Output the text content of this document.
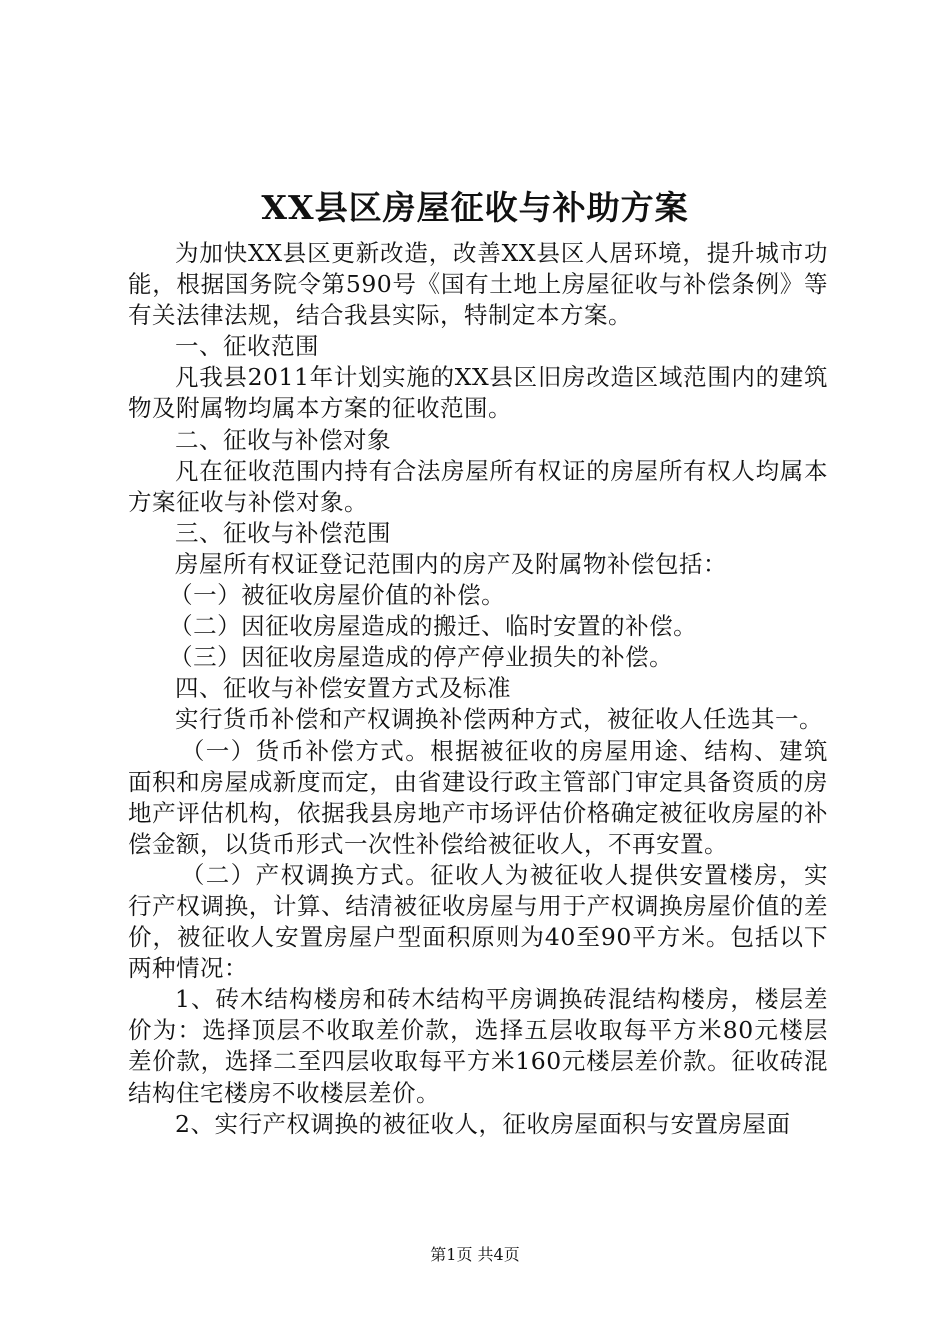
XX县区房屋征收与补助方案

为加快XX县区更新改造，改善XX县区人居环境，提升城市功能，根据国务院令第590号《国有土地上房屋征收与补偿条例》等有关法律法规，结合我县实际，特制定本方案。

一、征收范围

凡我县2011年计划实施的XX县区旧房改造区域范围内的建筑物及附属物均属本方案的征收范围。

二、征收与补偿对象

凡在征收范围内持有合法房屋所有权证的房屋所有权人均属本方案征收与补偿对象。

三、征收与补偿范围

房屋所有权证登记范围内的房产及附属物补偿包括：

（一）被征收房屋价值的补偿。

（二）因征收房屋造成的搬迁、临时安置的补偿。

（三）因征收房屋造成的停产停业损失的补偿。

四、征收与补偿安置方式及标准

实行货币补偿和产权调换补偿两种方式，被征收人任选其一。

（一）货币补偿方式。根据被征收的房屋用途、结构、建筑面积和房屋成新度而定，由省建设行政主管部门审定具备资质的房地产评估机构，依据我县房地产市场评估价格确定被征收房屋的补偿金额，以货币形式一次性补偿给被征收人，不再安置。

（二）产权调换方式。征收人为被征收人提供安置楼房，实行产权调换，计算、结清被征收房屋与用于产权调换房屋价值的差价，被征收人安置房屋户型面积原则为40至90平方米。包括以下两种情况：

1、砖木结构楼房和砖木结构平房调换砖混结构楼房，楼层差价为：选择顶层不收取差价款，选择五层收取每平方米80元楼层差价款，选择二至四层收取每平方米160元楼层差价款。征收砖混结构住宅楼房不收楼层差价。

2、实行产权调换的被征收人，征收房屋面积与安置房屋面

第1页 共4页
